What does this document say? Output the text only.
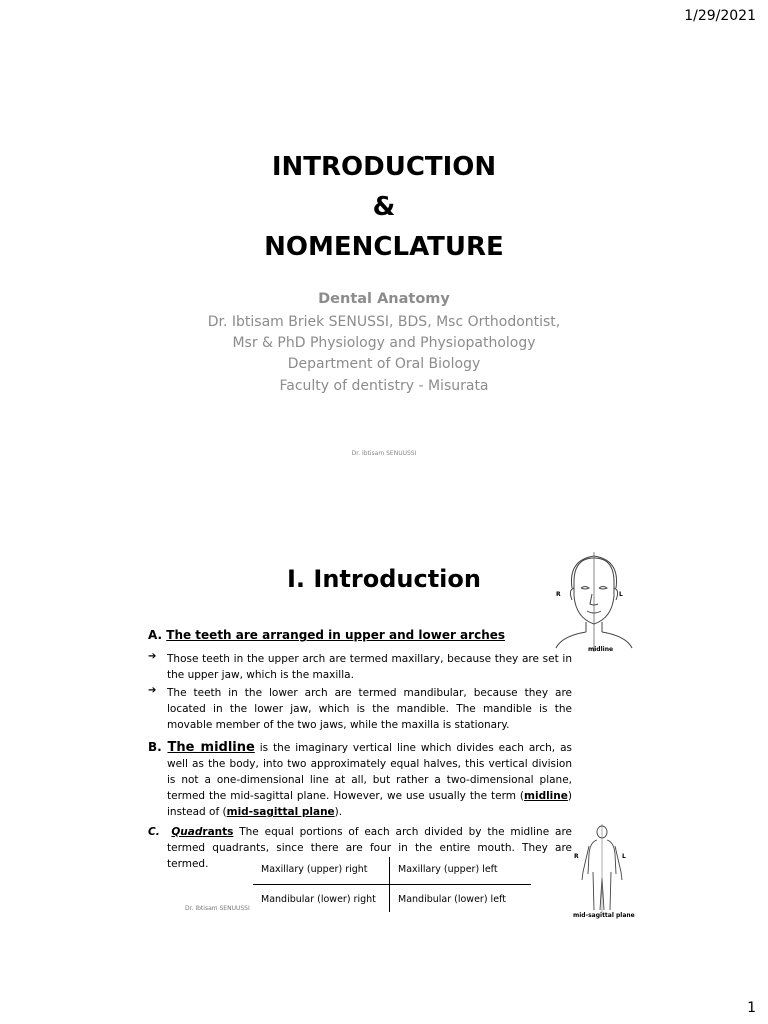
1/29/2021
INTRODUCTION
&
NOMENCLATURE
Dental Anatomy
Dr. Ibtisam Briek SENUSSI, BDS, Msc Orthodontist,
Msr & PhD Physiology and Physiopathology
Department of Oral Biology
Faculty of dentistry - Misurata
Dr. Ibtisam SENUUSSI
I. Introduction
R	L
midline
A. The teeth are arranged in upper and lower arches
➔ Those teeth in the upper arch are termed maxillary, because they are set in the upper jaw, which is the maxilla.
➔ The teeth in the lower arch are termed mandibular, because they are located in the lower jaw, which is the mandible. The mandible is the movable member of the two jaws, while the maxilla is stationary.
B. The midline is the imaginary vertical line which divides each arch, as well as the body, into two approximately equal halves, this vertical division is not a one-dimensional line at all, but rather a two-dimensional plane, termed the mid-sagittal plane. However, we use usually the term (midline) instead of (mid-sagittal plane).
C. Quadrants The equal portions of each arch divided by the midline are termed quadrants, since there are four in the entire mouth. They are termed.	Maxillary (upper) right	Maxillary (upper) left
Mandibular (lower) right Mandibular (lower) left
R	L
mid-sagittal plane
Dr. Ibtisam SENUUSSI
1
